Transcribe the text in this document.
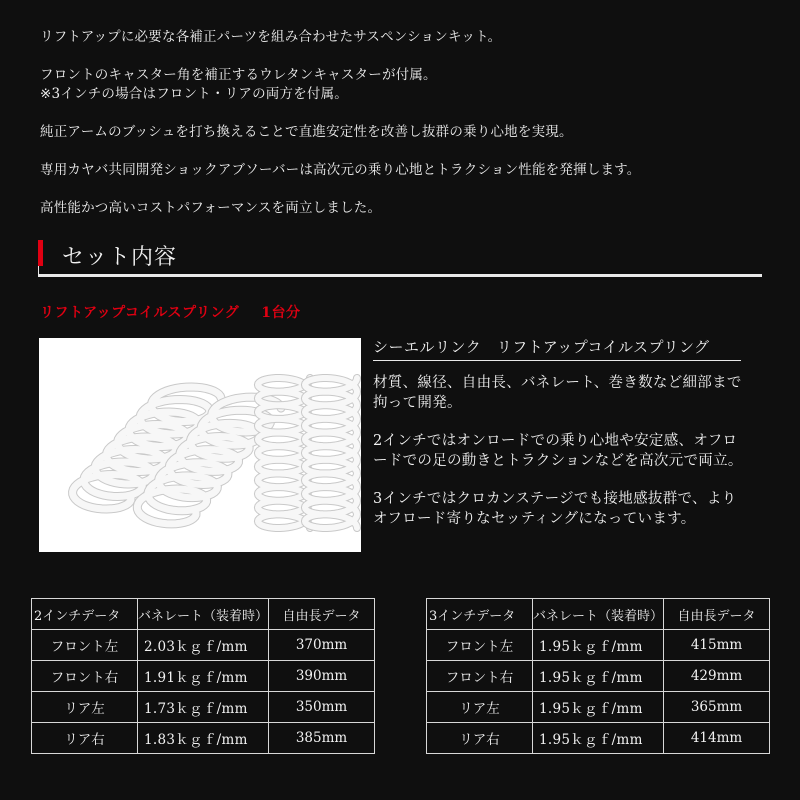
リフトアップに必要な各補正パーツを組み合わせたサスペンションキット。

フロントのキャスター角を補正するウレタンキャスターが付属。
※3インチの場合はフロント・リアの両方を付属。

純正アームのブッシュを打ち換えることで直進安定性を改善し抜群の乗り心地を実現。

専用カヤバ共同開発ショックアブソーバーは高次元の乗り心地とトラクション性能を発揮します。

高性能かつ高いコストパフォーマンスを両立しました。

セット内容
リフトアップコイルスプリング 1台分
シーエルリンク　リフトアップコイルスプリング

材質、線径、自由長、バネレート、巻き数など細部まで拘って開発。

2インチではオンロードでの乗り心地や安定感、オフロードでの足の動きとトラクションなどを高次元で両立。

3インチではクロカンステージでも接地感抜群で、よりオフロード寄りなセッティングになっています。

2インチデータ	バネレート（装着時）	自由長データ
フロント左	2.03ｋｇｆ/mm	370mm
フロント右	1.91ｋｇｆ/mm	390mm
リア左	1.73ｋｇｆ/mm	350mm
リア右	1.83ｋｇｆ/mm	385mm
3インチデータ	バネレート（装着時）	自由長データ
フロント左	1.95ｋｇｆ/mm	415mm
フロント右	1.95ｋｇｆ/mm	429mm
リア左	1.95ｋｇｆ/mm	365mm
リア右	1.95ｋｇｆ/mm	414mm
